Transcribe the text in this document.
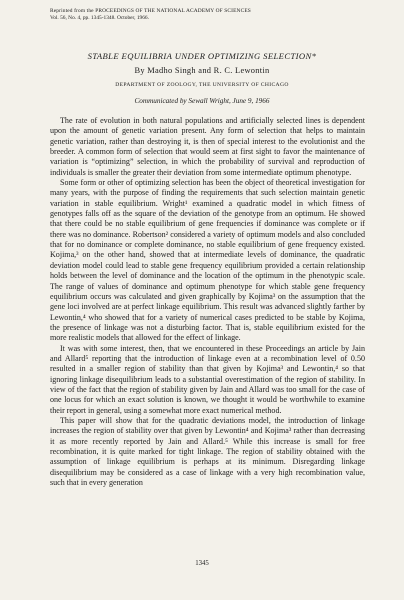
Reprinted from the PROCEEDINGS OF THE NATIONAL ACADEMY OF SCIENCES
Vol. 56, No. 4, pp. 1345-1348. October, 1966.
STABLE EQUILIBRIA UNDER OPTIMIZING SELECTION*
By Madho Singh and R. C. Lewontin
DEPARTMENT OF ZOOLOGY, THE UNIVERSITY OF CHICAGO
Communicated by Sewall Wright, June 9, 1966

The rate of evolution in both natural populations and artificially selected lines is dependent upon the amount of genetic variation present. Any form of selection that helps to maintain genetic variation, rather than destroying it, is then of special interest to the evolutionist and the breeder. A common form of selection that would seem at first sight to favor the maintenance of variation is “optimizing” selection, in which the probability of survival and reproduction of individuals is smaller the greater their deviation from some intermediate optimum phenotype.

Some form or other of optimizing selection has been the object of theoretical investigation for many years, with the purpose of finding the requirements that such selection maintain genetic variation in stable equilibrium. Wright¹ examined a quadratic model in which fitness of genotypes falls off as the square of the deviation of the genotype from an optimum. He showed that there could be no stable equilibrium of gene frequencies if dominance was complete or if there was no dominance. Robertson² considered a variety of optimum models and also concluded that for no dominance or complete dominance, no stable equilibrium of gene frequency existed. Kojima,³ on the other hand, showed that at intermediate levels of dominance, the quadratic deviation model could lead to stable gene frequency equilibrium provided a certain relationship holds between the level of dominance and the location of the optimum in the phenotypic scale. The range of values of dominance and optimum phenotype for which stable gene frequency equilibrium occurs was calculated and given graphically by Kojima³ on the assumption that the gene loci involved are at perfect linkage equilibrium. This result was advanced slightly farther by Lewontin,⁴ who showed that for a variety of numerical cases predicted to be stable by Kojima, the presence of linkage was not a disturbing factor. That is, stable equilibrium existed for the more realistic models that allowed for the effect of linkage.

It was with some interest, then, that we encountered in these Proceedings an article by Jain and Allard⁵ reporting that the introduction of linkage even at a recombination level of 0.50 resulted in a smaller region of stability than that given by Kojima³ and Lewontin,⁴ so that ignoring linkage disequilibrium leads to a substantial overestimation of the region of stability. In view of the fact that the region of stability given by Jain and Allard was too small for the case of one locus for which an exact solution is known, we thought it would be worthwhile to examine their report in general, using a somewhat more exact numerical method.

This paper will show that for the quadratic deviations model, the introduction of linkage increases the region of stability over that given by Lewontin⁴ and Kojima³ rather than decreasing it as more recently reported by Jain and Allard.⁵ While this increase is small for free recombination, it is quite marked for tight linkage. The region of stability obtained with the assumption of linkage equilibrium is perhaps at its minimum. Disregarding linkage disequilibrium may be considered as a case of linkage with a very high recombination value, such that in every generation

1345
